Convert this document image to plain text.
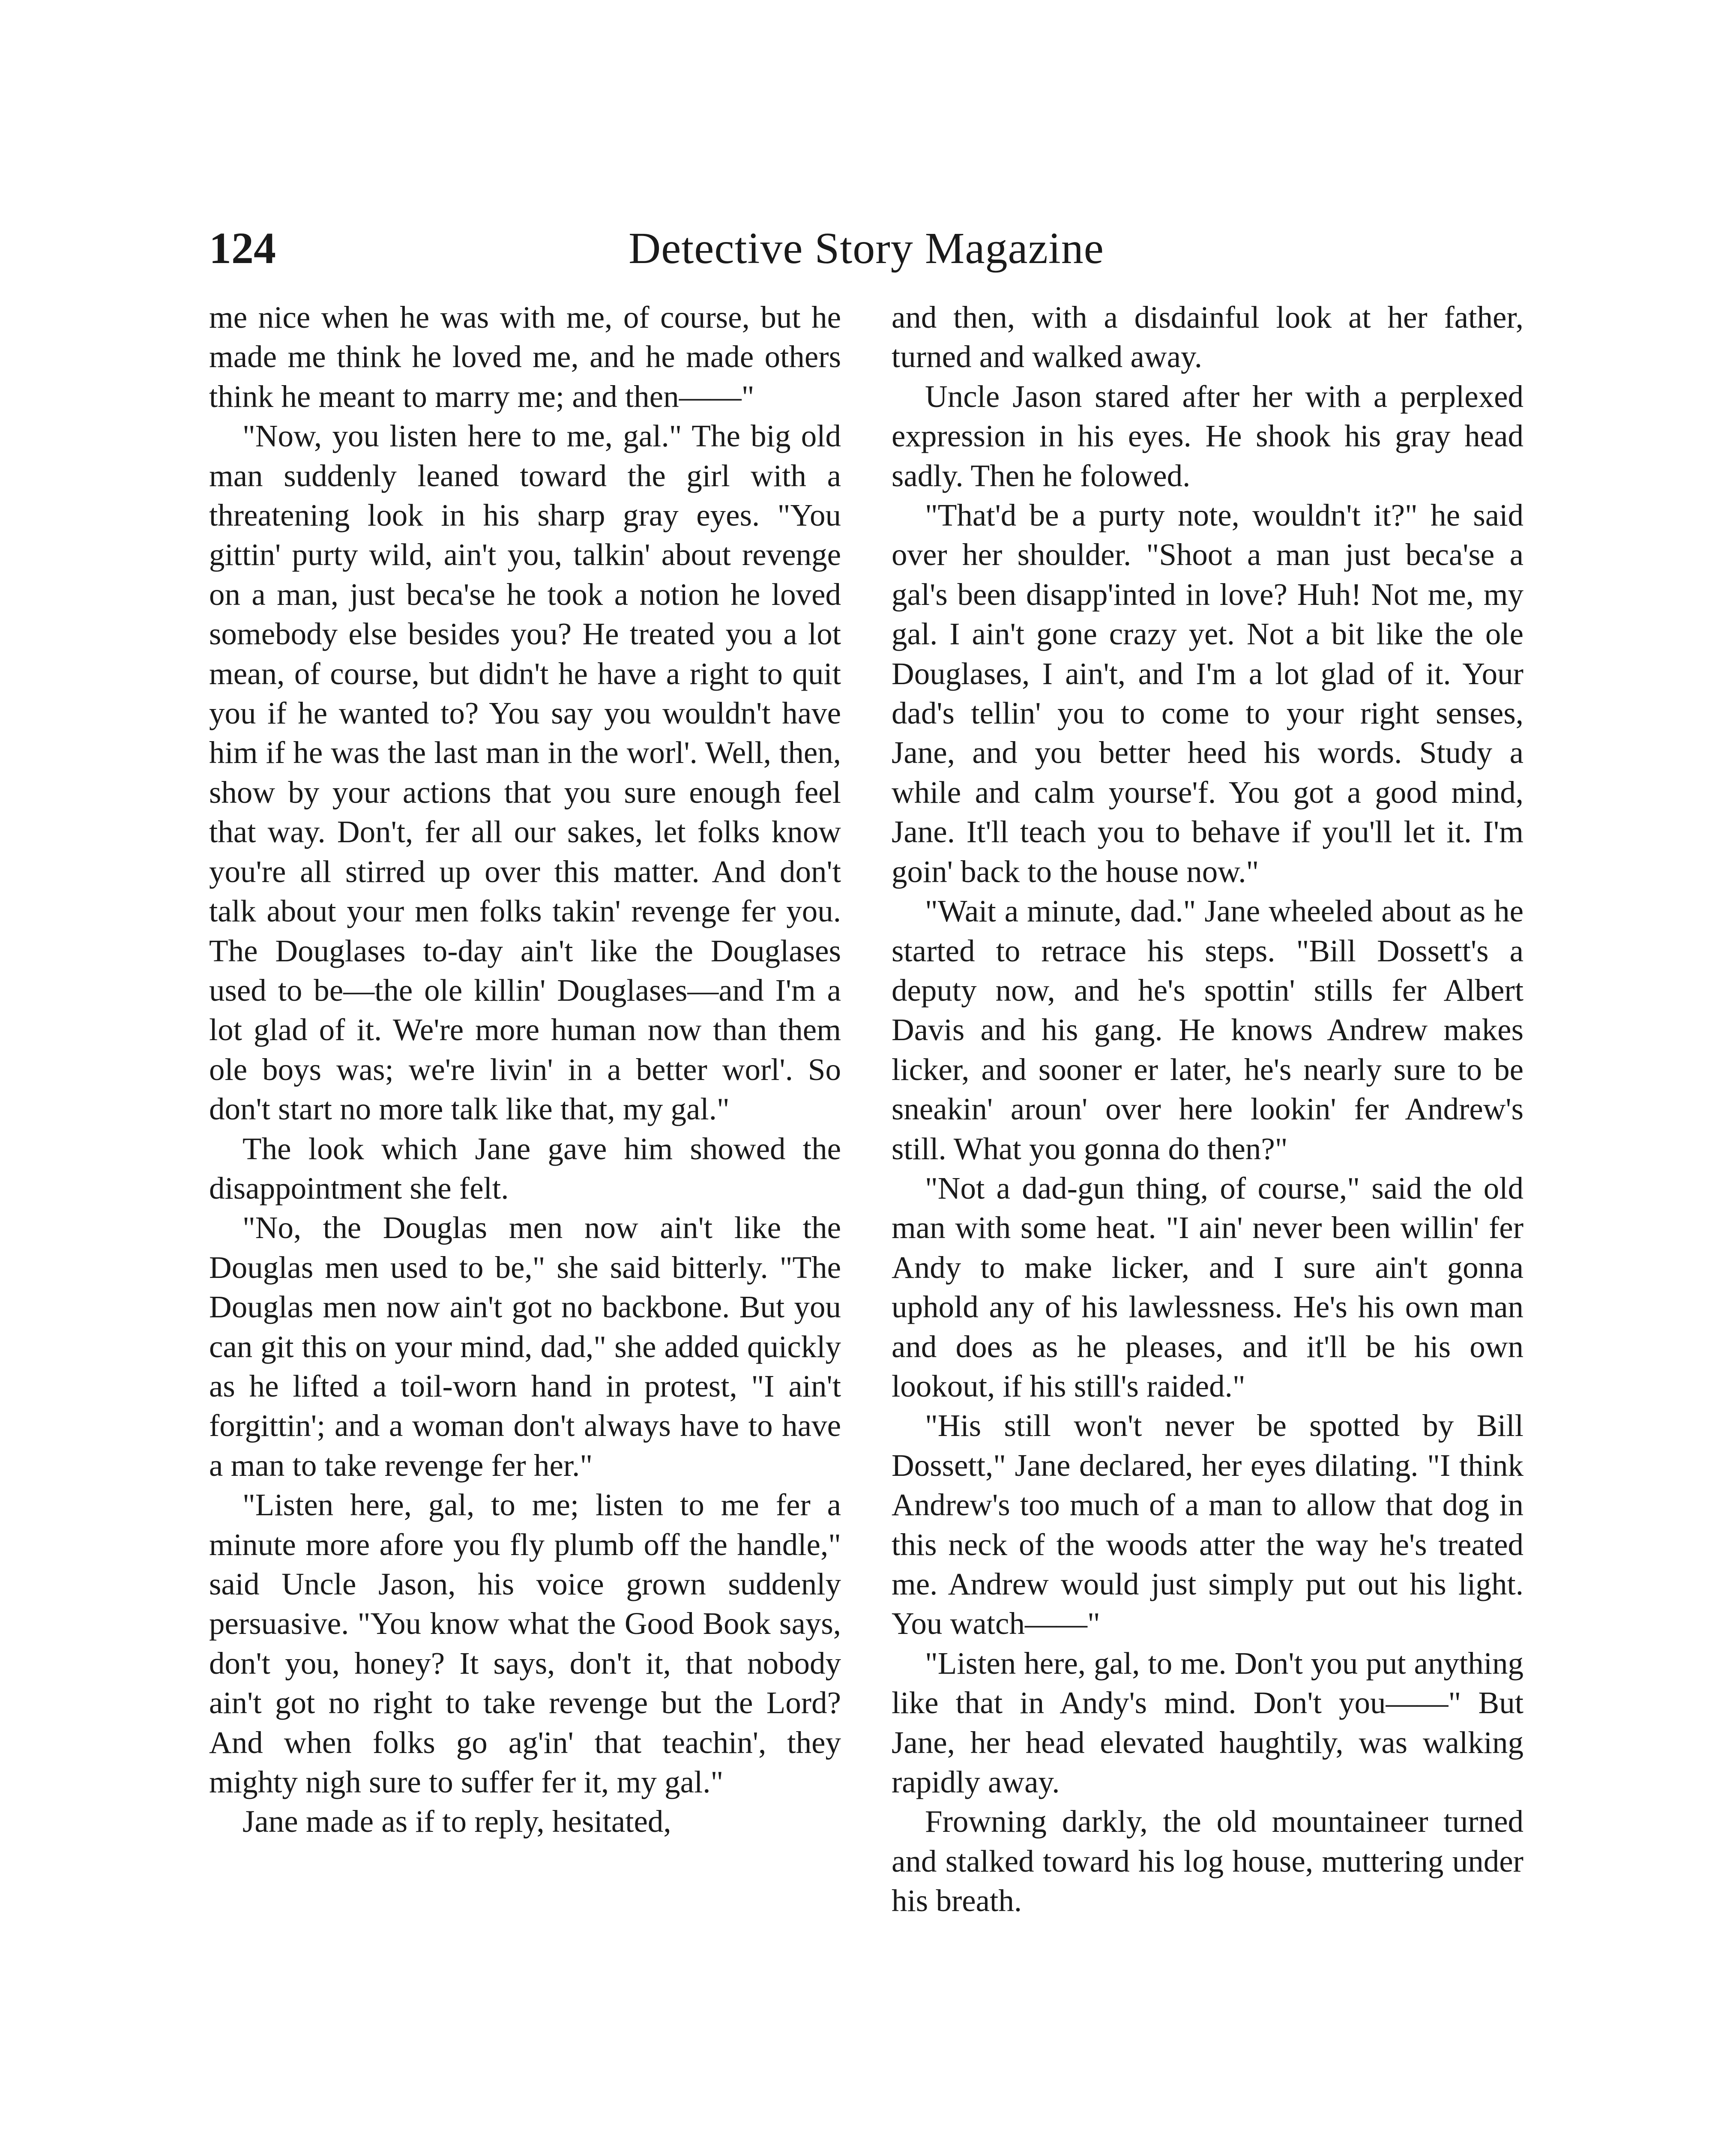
124	Detective Story Magazine

me nice when he was with me, of course, but he made me think he loved me, and he made others think he meant to marry me; and then——"

"Now, you listen here to me, gal." The big old man suddenly leaned toward the girl with a threatening look in his sharp gray eyes. "You gittin' purty wild, ain't you, talkin' about revenge on a man, just beca'se he took a notion he loved somebody else besides you? He treated you a lot mean, of course, but didn't he have a right to quit you if he wanted to? You say you wouldn't have him if he was the last man in the worl'. Well, then, show by your actions that you sure enough feel that way. Don't, fer all our sakes, let folks know you're all stirred up over this matter. And don't talk about your men folks takin' revenge fer you. The Douglases to-day ain't like the Douglases used to be—the ole killin' Douglases—and I'm a lot glad of it. We're more human now than them ole boys was; we're livin' in a better worl'. So don't start no more talk like that, my gal."

The look which Jane gave him showed the disappointment she felt.

"No, the Douglas men now ain't like the Douglas men used to be," she said bitterly. "The Douglas men now ain't got no backbone. But you can git this on your mind, dad," she added quickly as he lifted a toil-worn hand in protest, "I ain't forgittin'; and a woman don't always have to have a man to take revenge fer her."

"Listen here, gal, to me; listen to me fer a minute more afore you fly plumb off the handle," said Uncle Jason, his voice grown suddenly persuasive. "You know what the Good Book says, don't you, honey? It says, don't it, that nobody ain't got no right to take revenge but the Lord? And when folks go ag'in' that teachin', they mighty nigh sure to suffer fer it, my gal."

Jane made as if to reply, hesitated,

and then, with a disdainful look at her father, turned and walked away.

Uncle Jason stared after her with a perplexed expression in his eyes. He shook his gray head sadly. Then he folowed.

"That'd be a purty note, wouldn't it?" he said over her shoulder. "Shoot a man just beca'se a gal's been disapp'inted in love? Huh! Not me, my gal. I ain't gone crazy yet. Not a bit like the ole Douglases, I ain't, and I'm a lot glad of it. Your dad's tellin' you to come to your right senses, Jane, and you better heed his words. Study a while and calm yourse'f. You got a good mind, Jane. It'll teach you to behave if you'll let it. I'm goin' back to the house now."

"Wait a minute, dad." Jane wheeled about as he started to retrace his steps. "Bill Dossett's a deputy now, and he's spottin' stills fer Albert Davis and his gang. He knows Andrew makes licker, and sooner er later, he's nearly sure to be sneakin' aroun' over here lookin' fer Andrew's still. What you gonna do then?"

"Not a dad-gun thing, of course," said the old man with some heat. "I ain' never been willin' fer Andy to make licker, and I sure ain't gonna uphold any of his lawlessness. He's his own man and does as he pleases, and it'll be his own lookout, if his still's raided."

"His still won't never be spotted by Bill Dossett," Jane declared, her eyes dilating. "I think Andrew's too much of a man to allow that dog in this neck of the woods atter the way he's treated me. Andrew would just simply put out his light. You watch——"

"Listen here, gal, to me. Don't you put anything like that in Andy's mind. Don't you——" But Jane, her head elevated haughtily, was walking rapidly away.

Frowning darkly, the old mountaineer turned and stalked toward his log house, muttering under his breath.
